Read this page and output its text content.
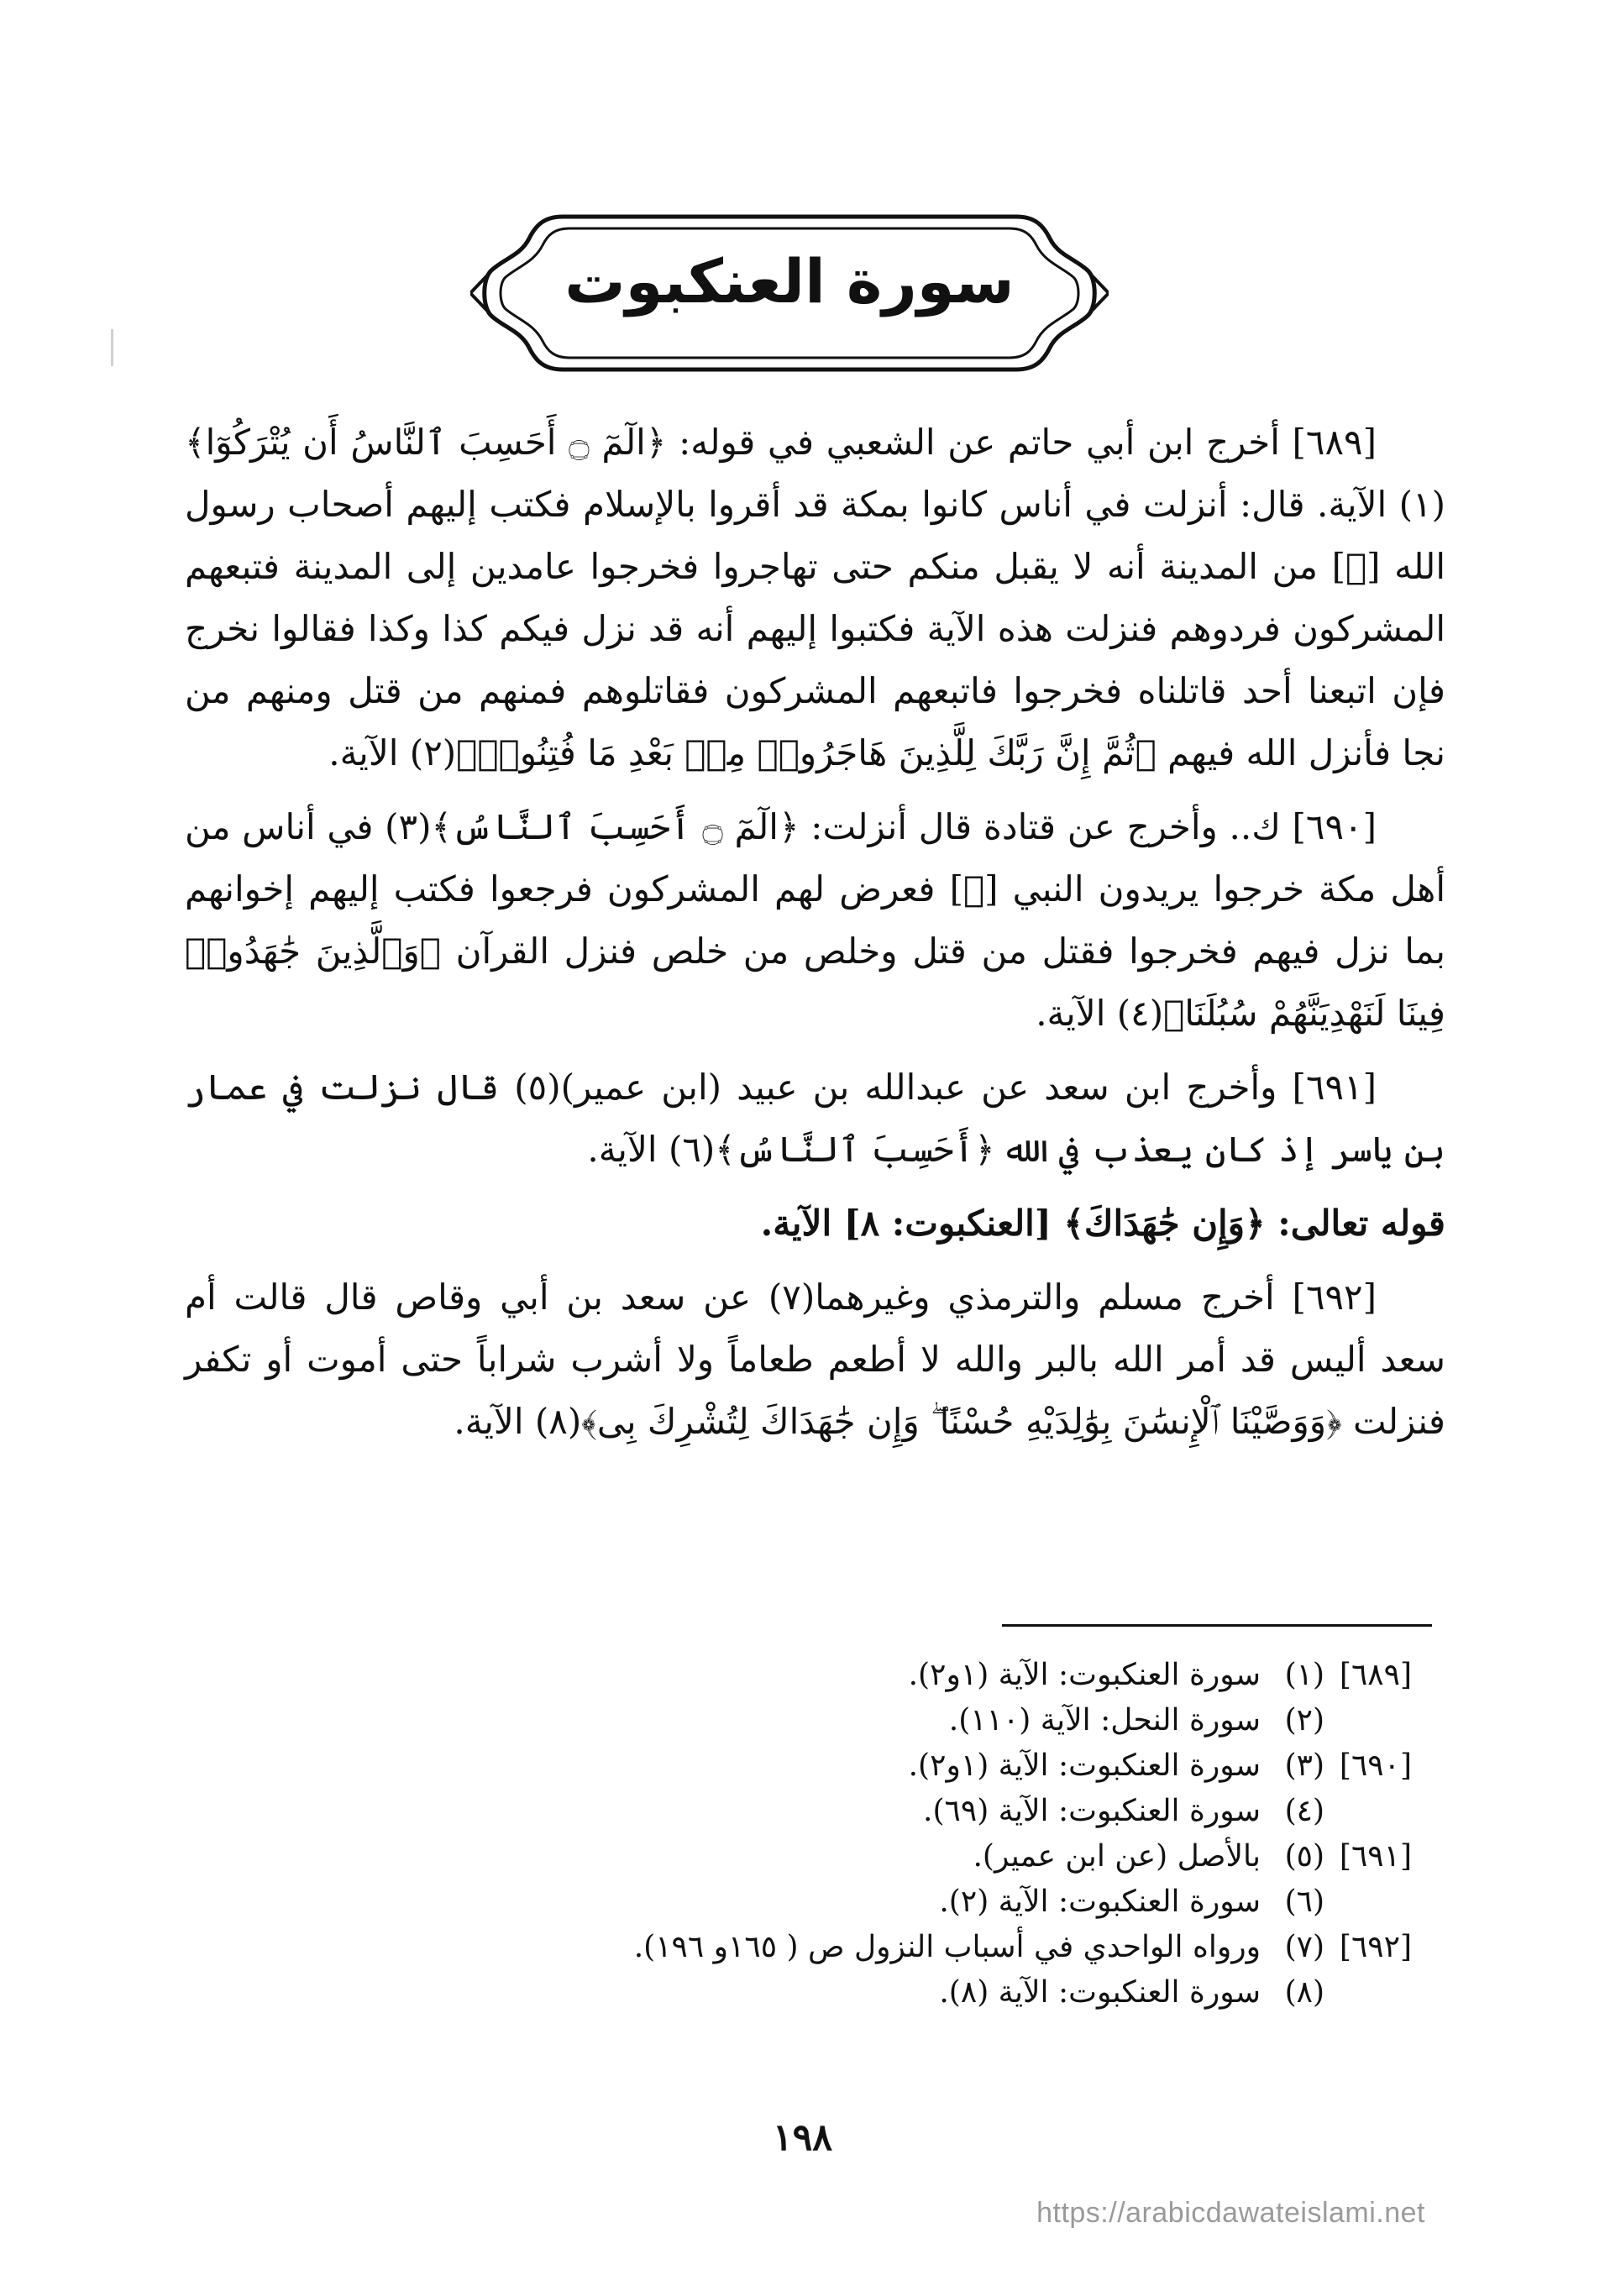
سورة العنكبوت

[٦٨٩] أخرج ابن أبي حاتم عن الشعبي في قوله: ﴿الٓمٓ ۝ أَحَسِبَ ٱلنَّاسُ أَن يُتْرَكُوٓا﴾(١) الآية. قال: أنزلت في أناس كانوا بمكة قد أقروا بالإسلام فكتب إليهم أصحاب رسول الله [ﷺ] من المدينة أنه لا يقبل منكم حتى تهاجروا فخرجوا عامدين إلى المدينة فتبعهم المشركون فردوهم فنزلت هذه الآية فكتبوا إليهم أنه قد نزل فيكم كذا وكذا فقالوا نخرج فإن اتبعنا أحد قاتلناه فخرجوا فاتبعهم المشركون فقاتلوهم فمنهم من قتل ومنهم من نجا فأنزل الله فيهم ﴿ثُمَّ إِنَّ رَبَّكَ لِلَّذِينَ هَاجَرُوا۟ مِنۢ بَعْدِ مَا فُتِنُوا۟﴾(٢) الآية.

[٦٩٠] ك.. وأخرج عن قتادة قال أنزلت: ﴿الٓمٓ ۝ أَحَسِبَ ٱلنَّاسُ﴾(٣) في أناس من أهل مكة خرجوا يريدون النبي [ﷺ] فعرض لهم المشركون فرجعوا فكتب إليهم إخوانهم بما نزل فيهم فخرجوا فقتل من قتل وخلص من خلص فنزل القرآن ﴿وَٱلَّذِينَ جَٰهَدُوا۟ فِينَا لَنَهْدِيَنَّهُمْ سُبُلَنَا﴾(٤) الآية.

[٦٩١] وأخرج ابن سعد عن عبدالله بن عبيد (ابن عمير)(٥) قال نزلت في عمار بن ياسر إذ كان يعذب في الله ﴿أَحَسِبَ ٱلنَّاسُ﴾(٦) الآية.

قوله تعالى: ﴿وَإِن جَٰهَدَاكَ﴾ [العنكبوت: ٨] الآية.

[٦٩٢] أخرج مسلم والترمذي وغيرهما(٧) عن سعد بن أبي وقاص قال قالت أم سعد أليس قد أمر الله بالبر والله لا أطعم طعاماً ولا أشرب شراباً حتى أموت أو تكفر فنزلت ﴿وَوَصَّيْنَا ٱلْإِنسَٰنَ بِوَٰلِدَيْهِ حُسْنًا ۖ وَإِن جَٰهَدَاكَ لِتُشْرِكَ بِى﴾(٨) الآية.

[٦٨٩]
(١)
سورة العنكبوت: الآية (١و٢).
(٢)
سورة النحل: الآية (١١٠).
[٦٩٠]
(٣)
سورة العنكبوت: الآية (١و٢).
(٤)
سورة العنكبوت: الآية (٦٩).
[٦٩١]
(٥)
بالأصل (عن ابن عمير).
(٦)
سورة العنكبوت: الآية (٢).
[٦٩٢]
(٧)
ورواه الواحدي في أسباب النزول ص ( ١٦٥و ١٩٦).
(٨)
سورة العنكبوت: الآية (٨).
١٩٨
https://arabicdawateislami.net
